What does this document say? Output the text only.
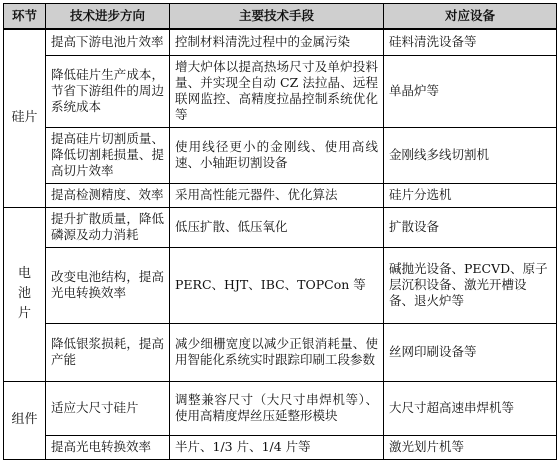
环节	技术进步方向	主要技术手段	对应设备
硅片	提高下游电池片效率	控制材料清洗过程中的金属污染	硅料清洗设备等
	降低硅片生产成本，节省下游组件的周边系统成本	增大炉体以提高热场尺寸及单炉投料量、并实现全自动 CZ 法拉晶、远程联网监控、高精度拉晶控制系统优化等	单晶炉等
	提高硅片切割质量、降低切割耗损量、提高切片效率	使用线径更小的金刚线、使用高线速、小轴距切割设备	金刚线多线切割机
	提高检测精度、效率	采用高性能元器件、优化算法	硅片分选机
电池片	提升扩散质量，降低磷源及动力消耗	低压扩散、低压氧化	扩散设备
	改变电池结构，提高光电转换效率	PERC、HJT、IBC、TOPCon 等	碱抛光设备、PECVD、原子层沉积设备、激光开槽设备、退火炉等
	降低银浆损耗，提高产能	减少细栅宽度以减少正银消耗量、使用智能化系统实时跟踪印刷工段参数	丝网印刷设备等
组件	适应大尺寸硅片	调整兼容尺寸（大尺寸串焊机等）、使用高精度焊丝压延整形模块	大尺寸超高速串焊机等
	提高光电转换效率	半片、1/3 片、1/4 片等	激光划片机等
